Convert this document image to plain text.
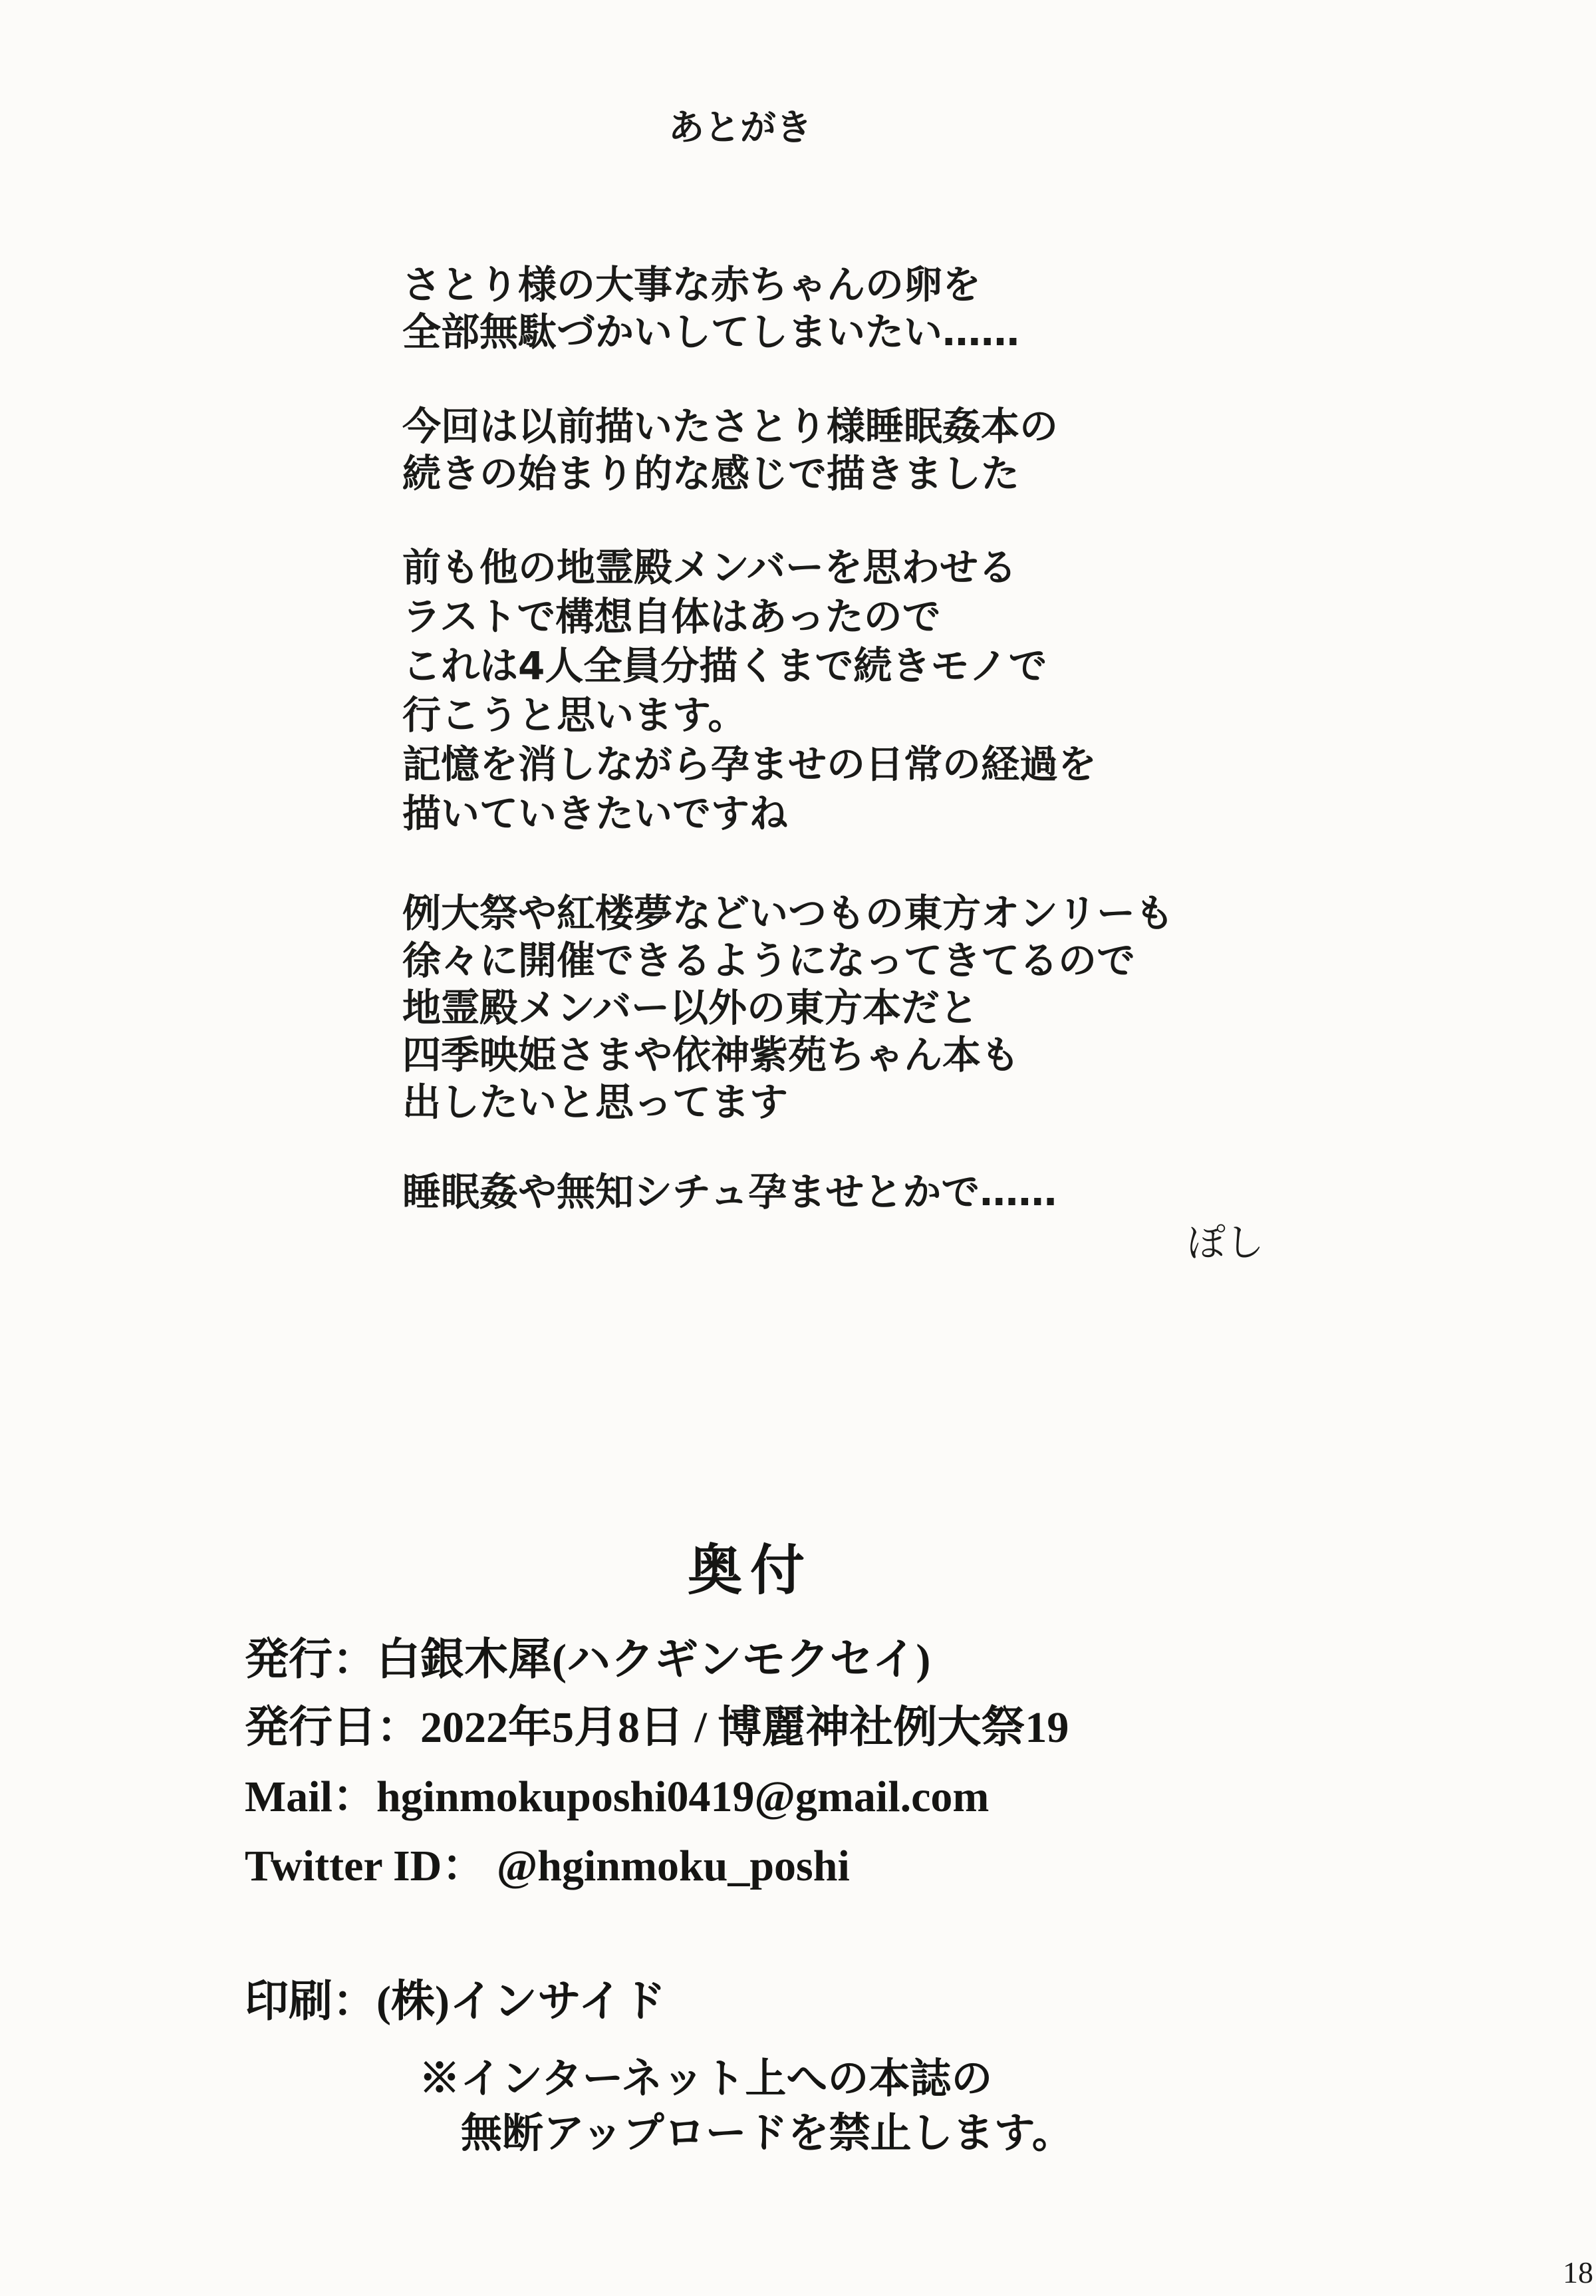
あとがき

さとり様の大事な赤ちゃんの卵を
全部無駄づかいしてしまいたい……

今回は以前描いたさとり様睡眠姦本の
続きの始まり的な感じで描きました

前も他の地霊殿メンバーを思わせる
ラストで構想自体はあったので
これは4人全員分描くまで続きモノで
行こうと思います。
記憶を消しながら孕ませの日常の経過を
描いていきたいですね

例大祭や紅楼夢などいつもの東方オンリーも
徐々に開催できるようになってきてるので
地霊殿メンバー以外の東方本だと
四季映姫さまや依神紫苑ちゃん本も
出したいと思ってます

睡眠姦や無知シチュ孕ませとかで……

ぽし
奥付
発行：白銀木犀(ハクギンモクセイ)
発行日：2022年5月8日 / 博麗神社例大祭19
Mail：hginmokuposhi0419@gmail.com
Twitter ID： @hginmoku_poshi
印刷：(株)インサイド
※インターネット上への本誌の
無断アップロードを禁止します。
18
